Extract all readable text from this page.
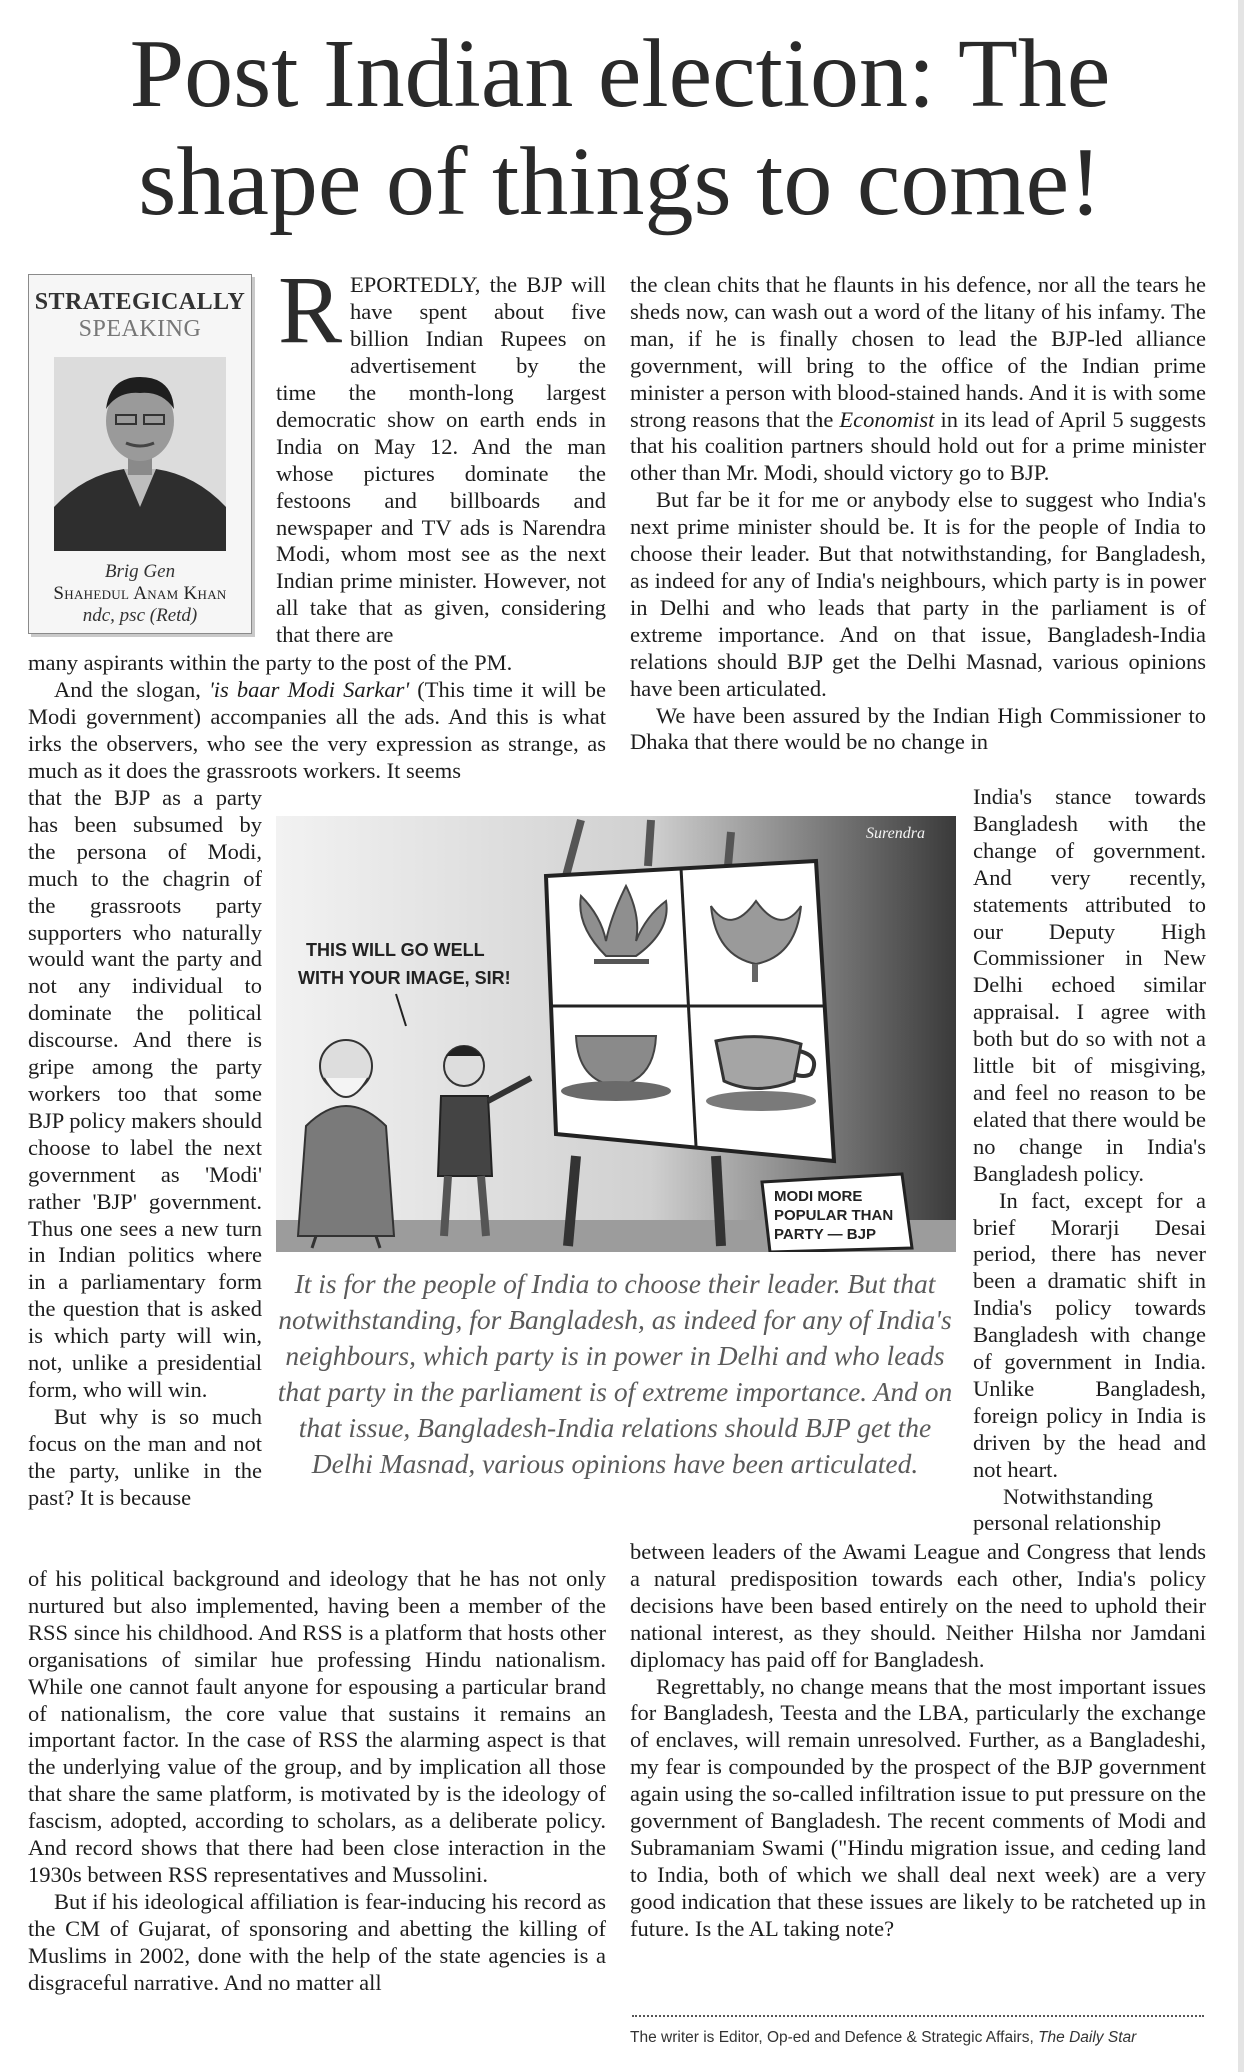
Post Indian election: The
shape of things to come!
STRATEGICALLY
SPEAKING
Brig Gen
Shahedul Anam Khan
ndc, psc (Retd)
R EPORTEDLY, the BJP will
have spent about five
billion Indian Rupees on
advertisement by the

time the month-long largest democratic show on earth ends in India on May 12. And the man whose pictures dominate the festoons and billboards and newspaper and TV ads is Narendra Modi, whom most see as the next Indian prime minister. However, not all take that as given, considering that there are

many aspirants within the party to the post of the PM.

And the slogan, 'is baar Modi Sarkar' (This time it will be Modi government) accompanies all the ads. And this is what irks the observers, who see the very expression as strange, as much as it does the grassroots workers. It seems

that the BJP as a party has been subsumed by the persona of Modi, much to the chagrin of the grassroots party supporters who naturally would want the party and not any individual to dominate the political discourse. And there is gripe among the party workers too that some BJP policy makers should choose to label the next government as 'Modi' rather 'BJP' government. Thus one sees a new turn in Indian politics where in a parliamentary form the question that is asked is which party will win, not, unlike a presidential form, who will win.

But why is so much focus on the man and not the party, unlike in the past? It is because

of his political background and ideology that he has not only nurtured but also implemented, having been a member of the RSS since his childhood. And RSS is a platform that hosts other organisations of similar hue professing Hindu nationalism. While one cannot fault anyone for espousing a particular brand of nationalism, the core value that sustains it remains an important factor. In the case of RSS the alarming aspect is that the underlying value of the group, and by implication all those that share the same platform, is motivated by is the ideology of fascism, adopted, according to scholars, as a deliberate policy. And record shows that there had been close interaction in the 1930s between RSS representatives and Mussolini.

But if his ideological affiliation is fear-inducing his record as the CM of Gujarat, of sponsoring and abetting the killing of Muslims in 2002, done with the help of the state agencies is a disgraceful narrative. And no matter all

the clean chits that he flaunts in his defence, nor all the tears he sheds now, can wash out a word of the litany of his infamy. The man, if he is finally chosen to lead the BJP-led alliance government, will bring to the office of the Indian prime minister a person with blood-stained hands. And it is with some strong reasons that the Economist in its lead of April 5 suggests that his coalition partners should hold out for a prime minister other than Mr. Modi, should victory go to BJP.

But far be it for me or anybody else to suggest who India's next prime minister should be. It is for the people of India to choose their leader. But that notwithstanding, for Bangladesh, as indeed for any of India's neighbours, which party is in power in Delhi and who leads that party in the parliament is of extreme importance. And on that issue, Bangladesh-India relations should BJP get the Delhi Masnad, various opinions have been articulated.

We have been assured by the Indian High Commissioner to Dhaka that there would be no change in

India's stance towards Bangladesh with the change of government. And very recently, statements attributed to our Deputy High Commissioner in New Delhi echoed similar appraisal. I agree with both but do so with not a little bit of misgiving, and feel no reason to be elated that there would be no change in India's Bangladesh policy.

In fact, except for a brief Morarji Desai period, there has never been a dramatic shift in India's policy towards Bangladesh with change of government in India. Unlike Bangladesh, foreign policy in India is driven by the head and not heart.

Notwithstanding personal relationship

between leaders of the Awami League and Congress that lends a natural predisposition towards each other, India's policy decisions have been based entirely on the need to uphold their national interest, as they should. Neither Hilsha nor Jamdani diplomacy has paid off for Bangladesh.

Regrettably, no change means that the most important issues for Bangladesh, Teesta and the LBA, particularly the exchange of enclaves, will remain unresolved. Further, as a Bangladeshi, my fear is compounded by the prospect of the BJP government again using the so-called infiltration issue to put pressure on the government of Bangladesh. The recent comments of Modi and Subramaniam Swami ("Hindu migration issue, and ceding land to India, both of which we shall deal next week) are a very good indication that these issues are likely to be ratcheted up in future. Is the AL taking note?

THIS WILL GO WELL
WITH YOUR IMAGE, SIR!
MODI MORE
POPULAR THAN
PARTY — BJP
Surendra

It is for the people of India to choose their leader. But that notwithstanding, for Bangladesh, as indeed for any of India's neighbours, which party is in power in Delhi and who leads that party in the parliament is of extreme importance. And on that issue, Bangladesh-India relations should BJP get the Delhi Masnad, various opinions have been articulated.

The writer is Editor, Op-ed and Defence & Strategic Affairs, The Daily Star
